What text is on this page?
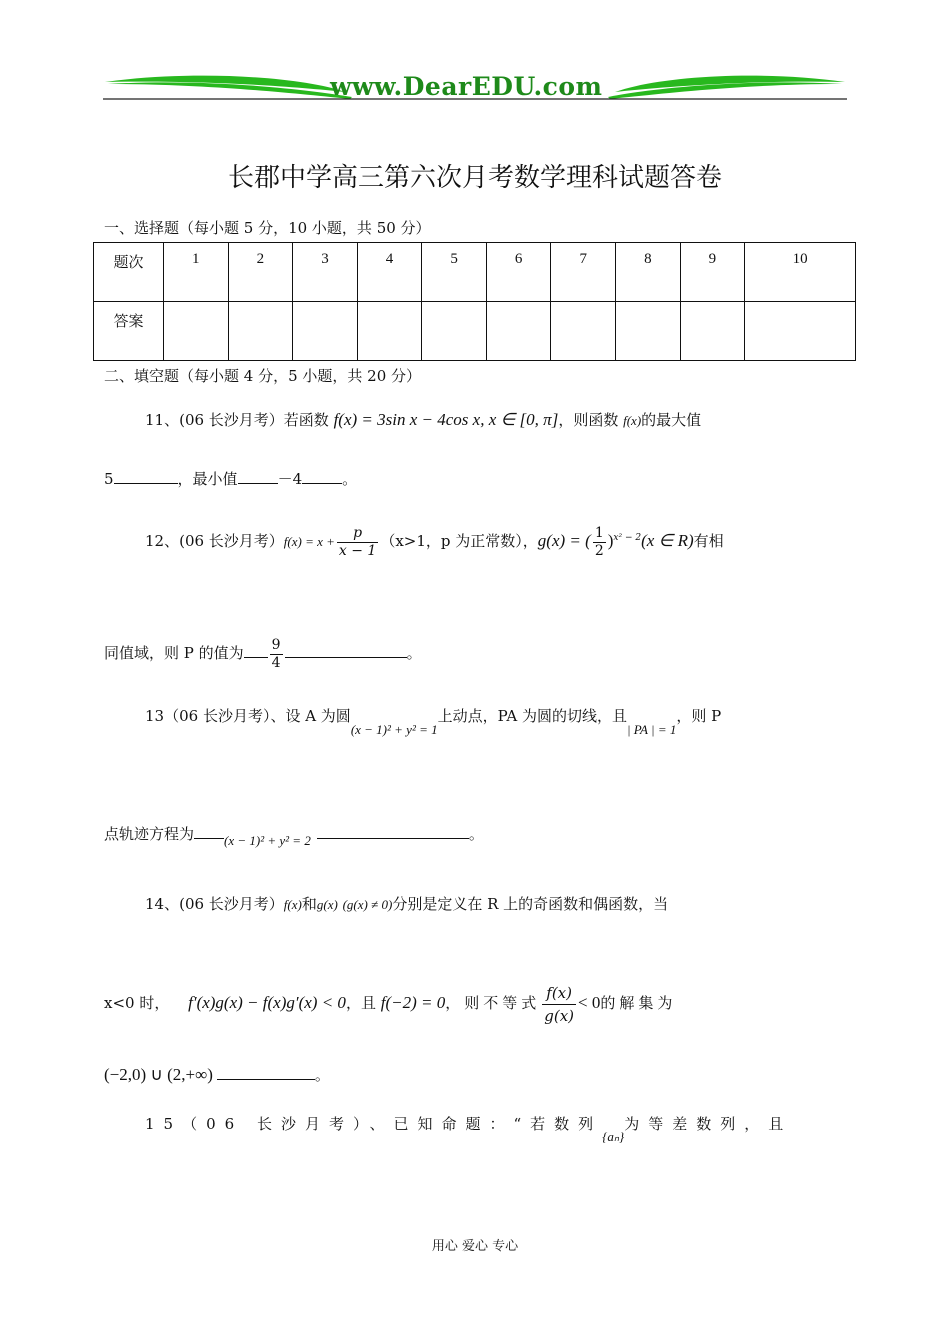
www.DearEDU.com
长郡中学高三第六次月考数学理科试题答卷
一、选择题（每小题 5 分，10 小题，共 50 分）
题次	1	2	3	4	5	6	7	8	9	10
答案										
二、填空题（每小题 4 分，5 小题，共 20 分）
11、(06 长沙月考）若函数 f(x) = 3sin x − 4cos x, x ∈ [0, π]，则函数 f(x)的最大值
5	，最小值	－4	。
12、(06 长沙月考）$f(x) = x + \frac{p}{x - 1} (x>1$，p 为正常数），g(x) = ( $\frac{1}{2} )^{x^2 - 2}(x$ ∈ R)有相
同值域，则 P 的值为 $\frac{9}{4}$	。
13（06 长沙月考）、设 A 为圆(x − 1)² + y² = 1上动点，PA 为圆的切线，且| PA | = 1，则 P
点轨迹方程为 (x − 1)² + y² = 2	。
14、(06 长沙月考）f(x)和g(x) (g(x) ≠ 0)分别是定义在 R 上的奇函数和偶函数，当
x<0 时， f′(x)g(x) − f(x)g′(x) < 0，且 f(−2) = 0，则不等式 $\frac{f(x)}{g(x)} < 0$的解集为
(−2,0) ∪ (2,+∞)	。
15（06 长沙月考）、已知命题：“若数列{aₙ}为等差数列，且
用心 爱心 专心
